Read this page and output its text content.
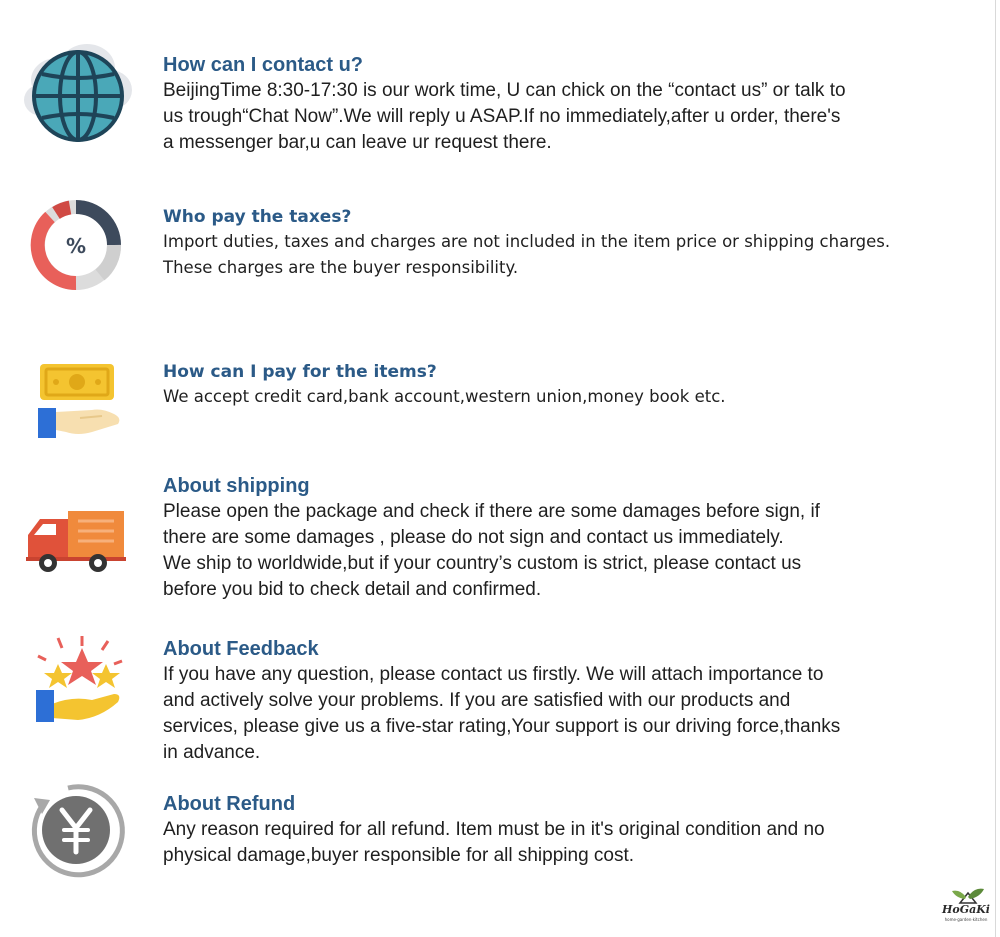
How can I contact u?

BeijingTime 8:30-17:30 is our work time, U can chick on the “contact us” or talk to

us trough“Chat Now”.We will reply u ASAP.If no immediately,after u order, there's

a messenger bar,u can leave ur request there.

%

Who pay the taxes?

Import duties, taxes and charges are not included in the item price or shipping charges.

These charges are the buyer responsibility.

How can I pay for the items?

We accept credit card,bank account,western union,money book etc.

About shipping

Please open the package and check if there are some damages before sign, if

there are some damages , please do not sign and contact us immediately.

We ship to worldwide,but if your country’s custom is strict, please contact us

before you bid to check detail and confirmed.

About Feedback

If you have any question, please contact us firstly. We will attach importance to

and actively solve your problems. If you are satisfied with our products and

services, please give us a five-star rating,Your support is our driving force,thanks

in advance.

About Refund

Any reason required for all refund. Item must be in it's original condition and no

physical damage,buyer responsible for all shipping cost.

HoGaKi
home·garden·kitchen
